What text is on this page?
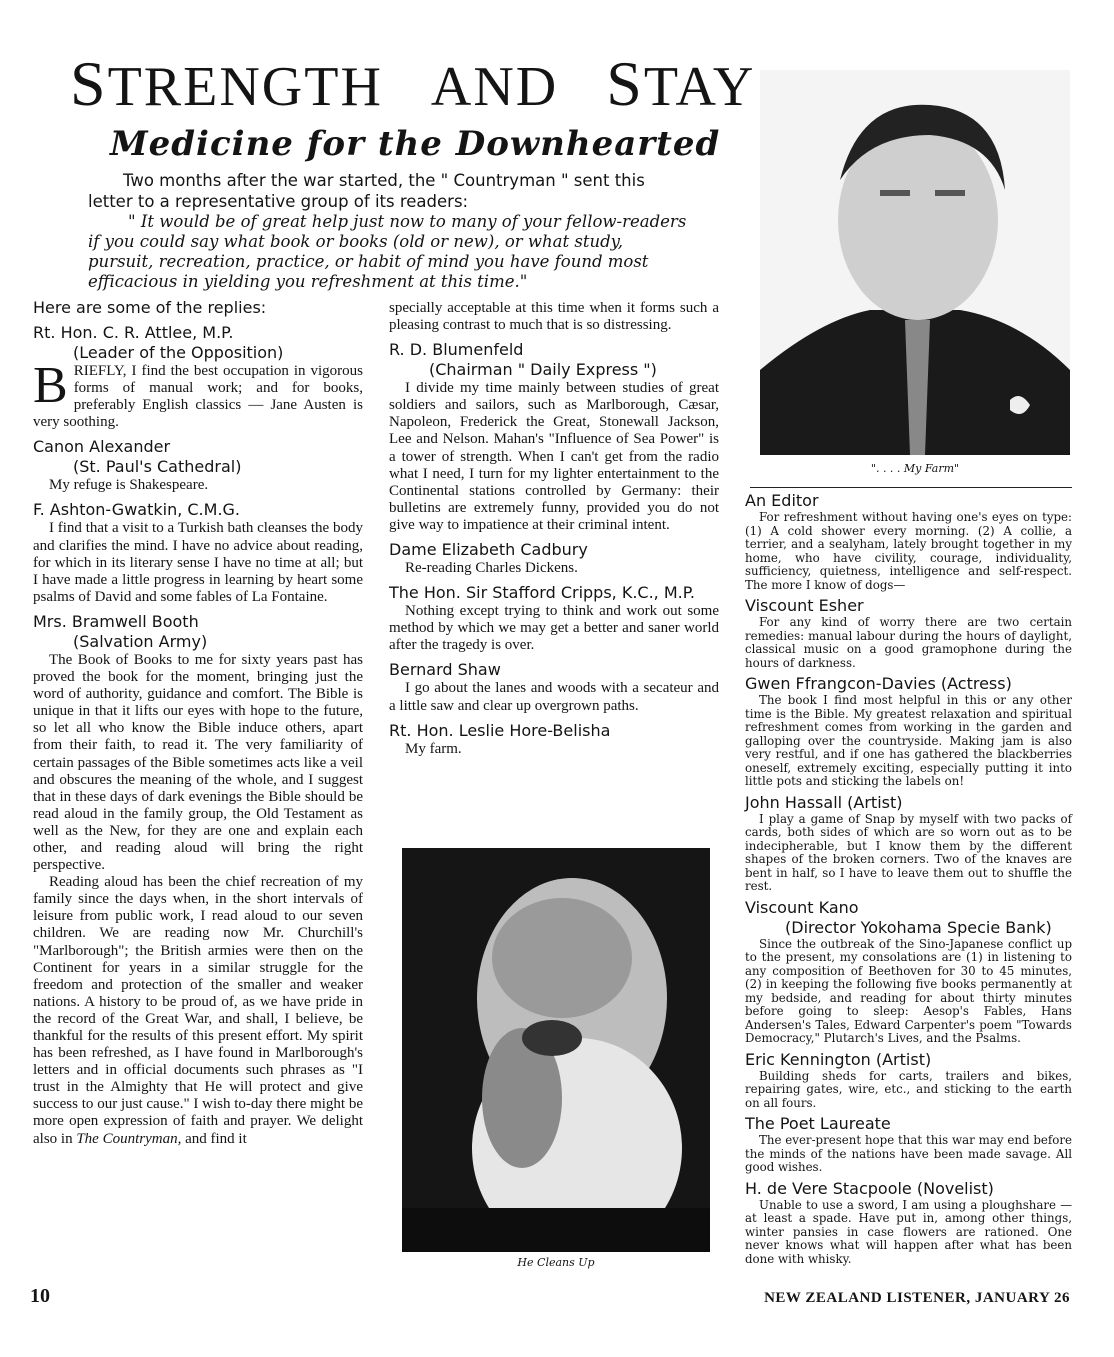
STRENGTH AND STAY
Medicine for the Downhearted

Two months after the war started, the " Countryman " sent this letter to a representative group of its readers:

" It would be of great help just now to many of your fellow-readers if you could say what book or books (old or new), or what study, pursuit, recreation, practice, or habit of mind you have found most efficacious in yielding you refreshment at this time."

Here are some of the replies:
Rt. Hon. C. R. Attlee, M.P.
(Leader of the Opposition)

BRIEFLY, I find the best occupation in vigorous forms of manual work; and for books, preferably English classics — Jane Austen is very soothing.

Canon Alexander
(St. Paul's Cathedral)

My refuge is Shakespeare.

F. Ashton-Gwatkin, C.M.G.

I find that a visit to a Turkish bath cleanses the body and clarifies the mind. I have no advice about reading, for which in its literary sense I have no time at all; but I have made a little progress in learning by heart some psalms of David and some fables of La Fontaine.

Mrs. Bramwell Booth
(Salvation Army)

The Book of Books to me for sixty years past has proved the book for the moment, bringing just the word of authority, guidance and comfort. The Bible is unique in that it lifts our eyes with hope to the future, so let all who know the Bible induce others, apart from their faith, to read it. The very familiarity of certain passages of the Bible sometimes acts like a veil and obscures the meaning of the whole, and I suggest that in these days of dark evenings the Bible should be read aloud in the family group, the Old Testament as well as the New, for they are one and explain each other, and reading aloud will bring the right perspective.

Reading aloud has been the chief recreation of my family since the days when, in the short intervals of leisure from public work, I read aloud to our seven children. We are reading now Mr. Churchill's "Marlborough"; the British armies were then on the Continent for years in a similar struggle for the freedom and protection of the smaller and weaker nations. A history to be proud of, as we have pride in the record of the Great War, and shall, I believe, be thankful for the results of this present effort. My spirit has been refreshed, as I have found in Marlborough's letters and in official documents such phrases as "I trust in the Almighty that He will protect and give success to our just cause." I wish to-day there might be more open expression of faith and prayer. We delight also in The Countryman, and find it

specially acceptable at this time when it forms such a pleasing contrast to much that is so distressing.

R. D. Blumenfeld
(Chairman " Daily Express ")

I divide my time mainly between studies of great soldiers and sailors, such as Marlborough, Cæsar, Napoleon, Frederick the Great, Stonewall Jackson, Lee and Nelson. Mahan's "Influence of Sea Power" is a tower of strength. When I can't get from the radio what I need, I turn for my lighter entertainment to the Continental stations controlled by Germany: their bulletins are extremely funny, provided you do not give way to impatience at their criminal intent.

Dame Elizabeth Cadbury

Re-reading Charles Dickens.

The Hon. Sir Stafford Cripps, K.C., M.P.

Nothing except trying to think and work out some method by which we may get a better and saner world after the tragedy is over.

Bernard Shaw

I go about the lanes and woods with a secateur and a little saw and clear up overgrown paths.

Rt. Hon. Leslie Hore-Belisha

My farm.

He Cleans Up
". . . . My Farm"
An Editor

For refreshment without having one's eyes on type: (1) A cold shower every morning. (2) A collie, a terrier, and a sealyham, lately brought together in my home, who have civility, courage, individuality, sufficiency, quietness, intelligence and self-respect. The more I know of dogs—

Viscount Esher

For any kind of worry there are two certain remedies: manual labour during the hours of daylight, classical music on a good gramophone during the hours of darkness.

Gwen Ffrangcon-Davies (Actress)

The book I find most helpful in this or any other time is the Bible. My greatest relaxation and spiritual refreshment comes from working in the garden and galloping over the countryside. Making jam is also very restful, and if one has gathered the blackberries oneself, extremely exciting, especially putting it into little pots and sticking the labels on!

John Hassall (Artist)

I play a game of Snap by myself with two packs of cards, both sides of which are so worn out as to be indecipherable, but I know them by the different shapes of the broken corners. Two of the knaves are bent in half, so I have to leave them out to shuffle the rest.

Viscount Kano
(Director Yokohama Specie Bank)

Since the outbreak of the Sino-Japanese conflict up to the present, my consolations are (1) in listening to any composition of Beethoven for 30 to 45 minutes, (2) in keeping the following five books permanently at my bedside, and reading for about thirty minutes before going to sleep: Aesop's Fables, Hans Andersen's Tales, Edward Carpenter's poem "Towards Democracy," Plutarch's Lives, and the Psalms.

Eric Kennington (Artist)

Building sheds for carts, trailers and bikes, repairing gates, wire, etc., and sticking to the earth on all fours.

The Poet Laureate

The ever-present hope that this war may end before the minds of the nations have been made savage. All good wishes.

H. de Vere Stacpoole (Novelist)

Unable to use a sword, I am using a ploughshare —at least a spade. Have put in, among other things, winter pansies in case flowers are rationed. One never knows what will happen after what has been done with whisky.

10	NEW ZEALAND LISTENER, JANUARY 26
